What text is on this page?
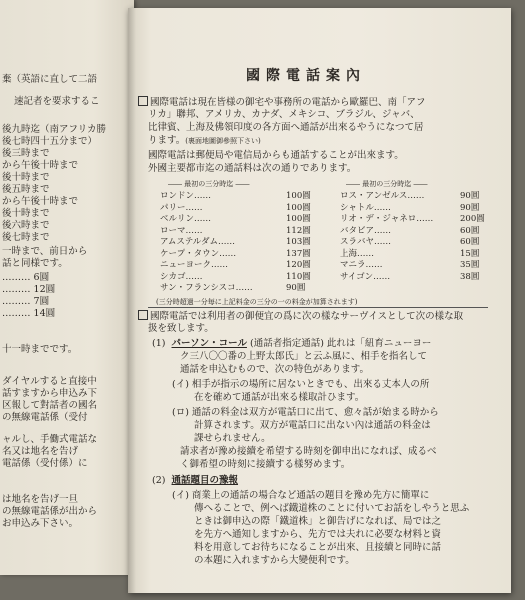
棄（英語に直して二語
速記者を要求するこ
後九時迄（南アフリカ勝
後七時四十五分まで）
後三時まで
から午後十時まで
後十時まで
後五時まで
から午後十時まで
後十時まで
後六時まで
後七時まで
一時まで、前日から
話と同様です。
……… 6圓
……… 12圓
……… 7圓
……… 14圓
十一時までです。
ダイヤルすると直接中
話すますから申込み下
区報して對話者の國名
の無線電話係（受付
ャルし、手働式電話な
名又は地名を告げ
電話係（受付係）に
は地名を告げ一旦
の無線電話係が出から
お申込み下さい。
國際電話案內
國際電話は現在皆様の御宅や事務所の電話から歐羅巴、南「アフ
リカ」聯邦、アメリカ、カナダ、メキシコ、ブラジル、ジャバ、
比律賓、上海及佛領印度の各方面へ通話が出來るやうになつて居
ります。(裏面地圖御參照下さい)
國際電話は郵便局や電信局からも通話することが出來ます。
外國主要都市迄の通話料は次の通りであります。
―― 最初の三分時迄 ――	―― 最初の三分時迄 ――
ロンドン……	100圓
パリー……	100圓
ベルリン……	100圓
ローマ……	112圓
アムステルダム……	103圓
ケープ・タウン……	137圓
ニューヨーク……	120圓
シカゴ……	110圓
サン・フランシスコ……	90圓
ロス・アンゼルス……	90圓
シャトル……	90圓
リオ・デ・ジャネロ……	200圓
バタビア……	60圓
スラバヤ……	60圓
上海……	15圓
マニラ……	35圓
サイゴン……	38圓
(三分時超過一分毎に上記料金の三分の一の料金が加算されます)
國際電話では利用者の御便宜の爲に次の樣なサーヴイスとして次の樣な取
扱を致します。
(1) パーソン・コール (通話者指定通話) 此れは「紐育ニューヨー
ク三八〇〇番の上野太郎氏」と云ふ風に、相手を指名して
通話を申込むもので、次の特色があります。
(イ) 相手が指示の場所に居ないときでも、出來る丈本人の所
在を確めて通話が出來る樣取計ひます。
(ロ) 通話の料金は双方が電話口に出て、愈々話が始まる時から
計算されます。双方が電話口に出ない內は通話の料金は
課せられません。
請求者が豫め接續を希望する時刻を御申出になれば、成るべ
く御希望の時刻に接續する樣努めます。
(2) 通話題目の豫報
(イ) 商業上の通話の場合など通話の題目を豫め先方に簡單に
傳へることで、例へば鐵道株のことに付いてお話をしやうと思ふ
ときは御申込の際「鐵道株」と御告げになれば、局では之
を先方へ通知しますから、先方では夫れに必要な材料と資
料を用意してお待ちになることが出來、且接續と同時に話
の本題に入れますから大變便利です。
